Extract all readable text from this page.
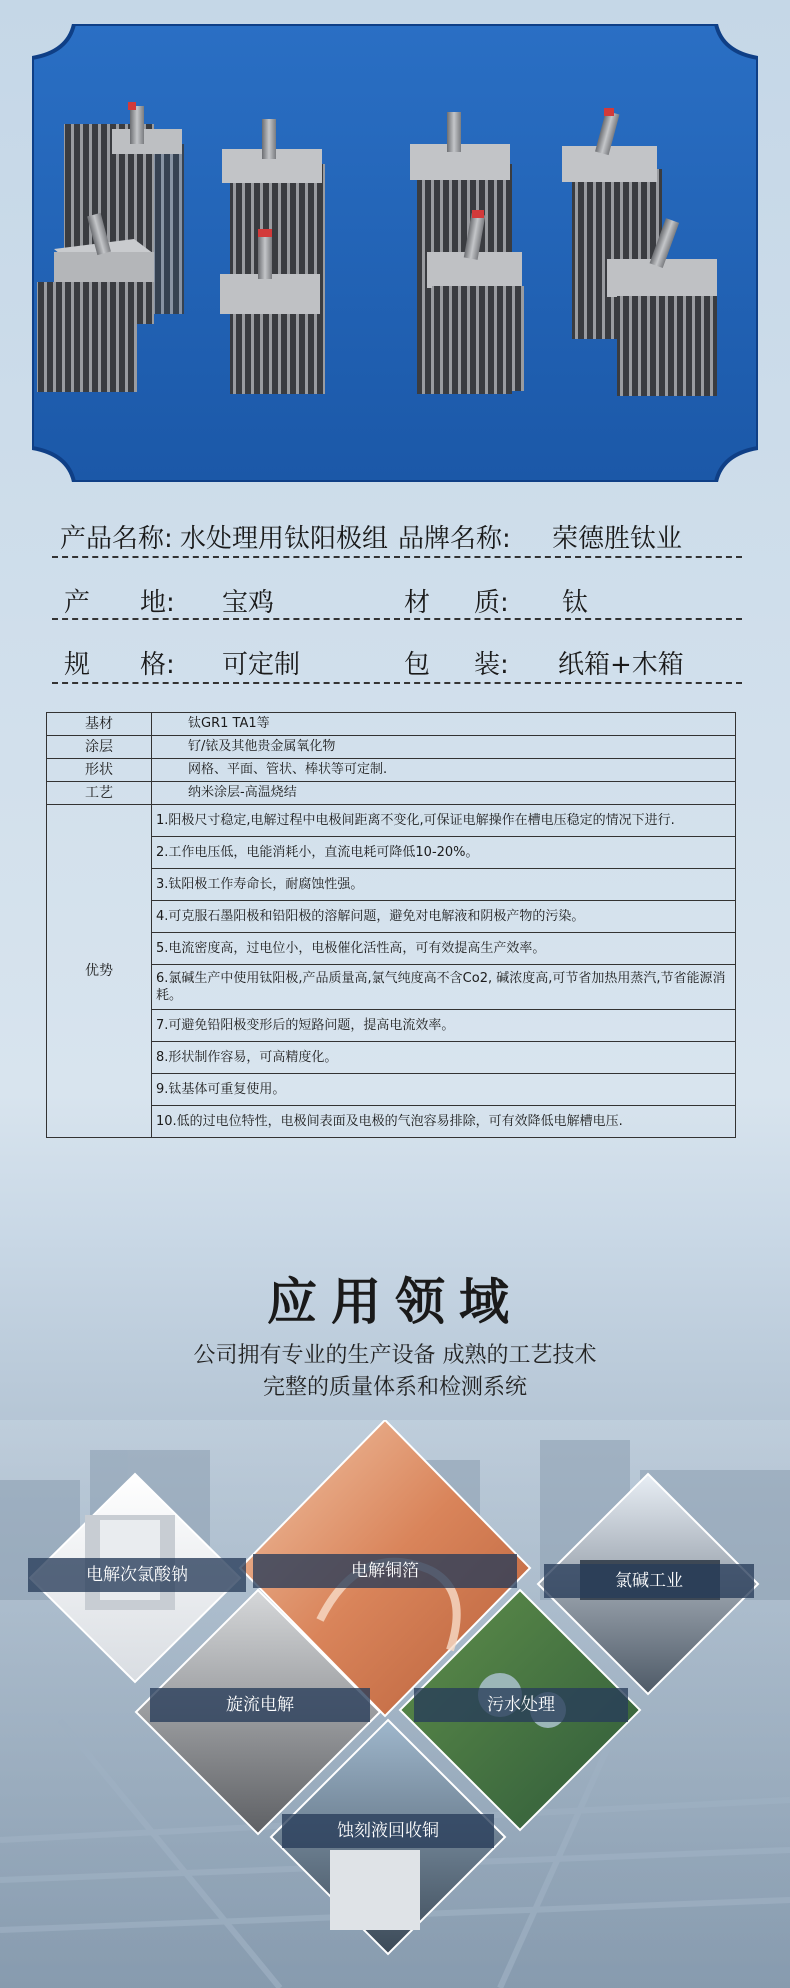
产品名称: 水处理用钛阳极组 品牌名称: 荣德胜钛业
产 地: 宝鸡	材 质: 钛
规 格: 可定制	包 装: 纸箱+木箱
基材	钛GR1 TA1等
涂层	钌/铱及其他贵金属氧化物
形状	网格、平面、管状、棒状等可定制.
工艺	纳米涂层-高温烧结
优势	1.阳极尺寸稳定,电解过程中电极间距离不变化,可保证电解操作在槽电压稳定的情况下进行.
	2.工作电压低，电能消耗小，直流电耗可降低10-20%。
	3.钛阳极工作寿命长，耐腐蚀性强。
	4.可克服石墨阳极和铅阳极的溶解问题，避免对电解液和阴极产物的污染。
	5.电流密度高，过电位小，电极催化活性高，可有效提高生产效率。
	6.氯碱生产中使用钛阳极,产品质量高,氯气纯度高不含Co2, 碱浓度高,可节省加热用蒸汽,节省能源消耗。
	7.可避免铅阳极变形后的短路问题，提高电流效率。
	8.形状制作容易，可高精度化。
	9.钛基体可重复使用。
	10.低的过电位特性，电极间表面及电极的气泡容易排除，可有效降低电解槽电压.
应用领域
公司拥有专业的生产设备 成熟的工艺技术
完整的质量体系和检测系统
电解次氯酸钠	电解铜箔	氯碱工业
旋流电解	污水处理
蚀刻液回收铜
